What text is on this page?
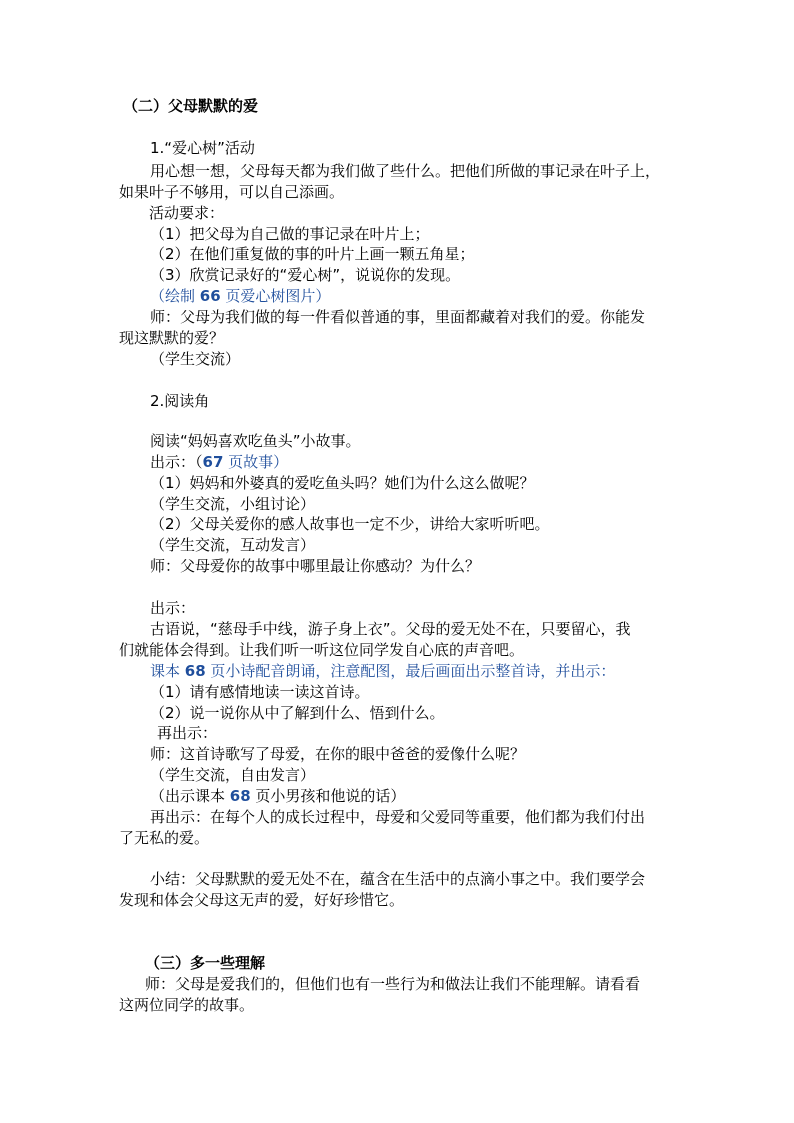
（二）父母默默的爱
1.“爱心树”活动
用心想一想，父母每天都为我们做了些什么。把他们所做的事记录在叶子上，
如果叶子不够用，可以自己添画。
活动要求：
（1）把父母为自己做的事记录在叶片上；
（2）在他们重复做的事的叶片上画一颗五角星；
（3）欣赏记录好的“爱心树”，说说你的发现。
（绘制 66 页爱心树图片）
师：父母为我们做的每一件看似普通的事，里面都藏着对我们的爱。你能发
现这默默的爱？
（学生交流）
2.阅读角
阅读“妈妈喜欢吃鱼头”小故事。
出示：（67 页故事）
（1）妈妈和外婆真的爱吃鱼头吗？她们为什么这么做呢？
（学生交流，小组讨论）
（2）父母关爱你的感人故事也一定不少，讲给大家听听吧。
（学生交流，互动发言）
师：父母爱你的故事中哪里最让你感动？为什么？
出示：
古语说，“慈母手中线，游子身上衣”。父母的爱无处不在，只要留心，我
们就能体会得到。让我们听一听这位同学发自心底的声音吧。
课本 68 页小诗配音朗诵，注意配图，最后画面出示整首诗，并出示：
（1）请有感情地读一读这首诗。
（2）说一说你从中了解到什么、悟到什么。
再出示：
师：这首诗歌写了母爱，在你的眼中爸爸的爱像什么呢？
（学生交流，自由发言）
（出示课本 68 页小男孩和他说的话）
再出示：在每个人的成长过程中，母爱和父爱同等重要，他们都为我们付出
了无私的爱。
小结：父母默默的爱无处不在，蕴含在生活中的点滴小事之中。我们要学会
发现和体会父母这无声的爱，好好珍惜它。
（三）多一些理解
师：父母是爱我们的，但他们也有一些行为和做法让我们不能理解。请看看
这两位同学的故事。
